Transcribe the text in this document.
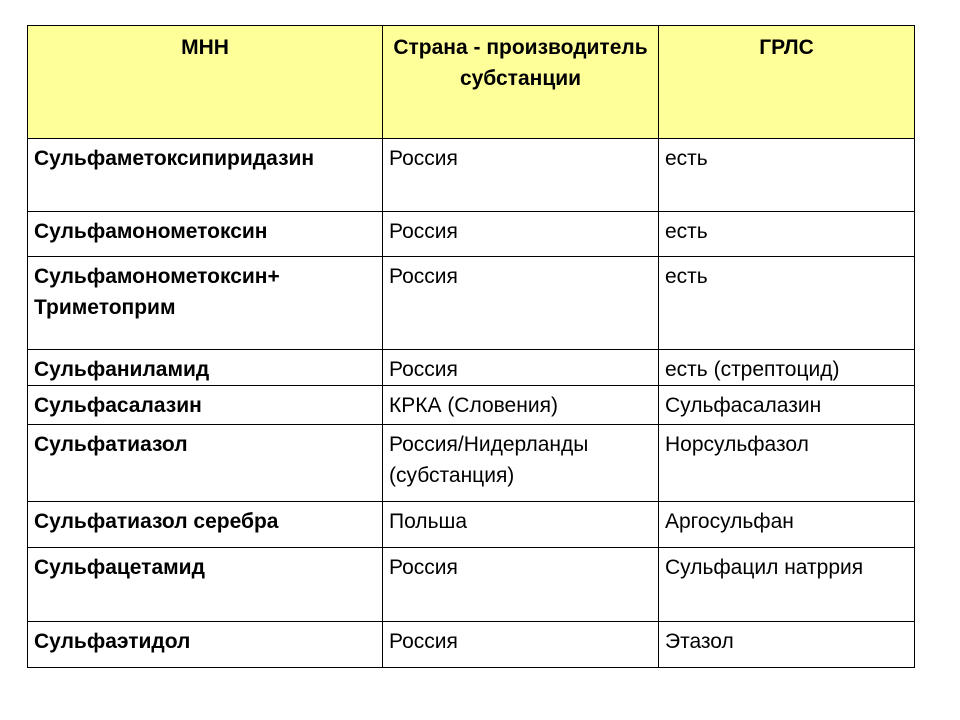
МНН	Страна - производитель субстанции	ГРЛС
Сульфаметоксипиридазин	Россия	есть
Сульфамонометоксин	Россия	есть
Сульфамонометоксин+ Триметоприм	Россия	есть
Сульфаниламид	Россия	есть (стрептоцид)
Сульфасалазин	КРКА (Словения)	Сульфасалазин
Сульфатиазол	Россия/Нидерланды (субстанция)	Норсульфазол
Сульфатиазол серебра	Польша	Аргосульфан
Сульфацетамид	Россия	Сульфацил натррия
Сульфаэтидол	Россия	Этазол
